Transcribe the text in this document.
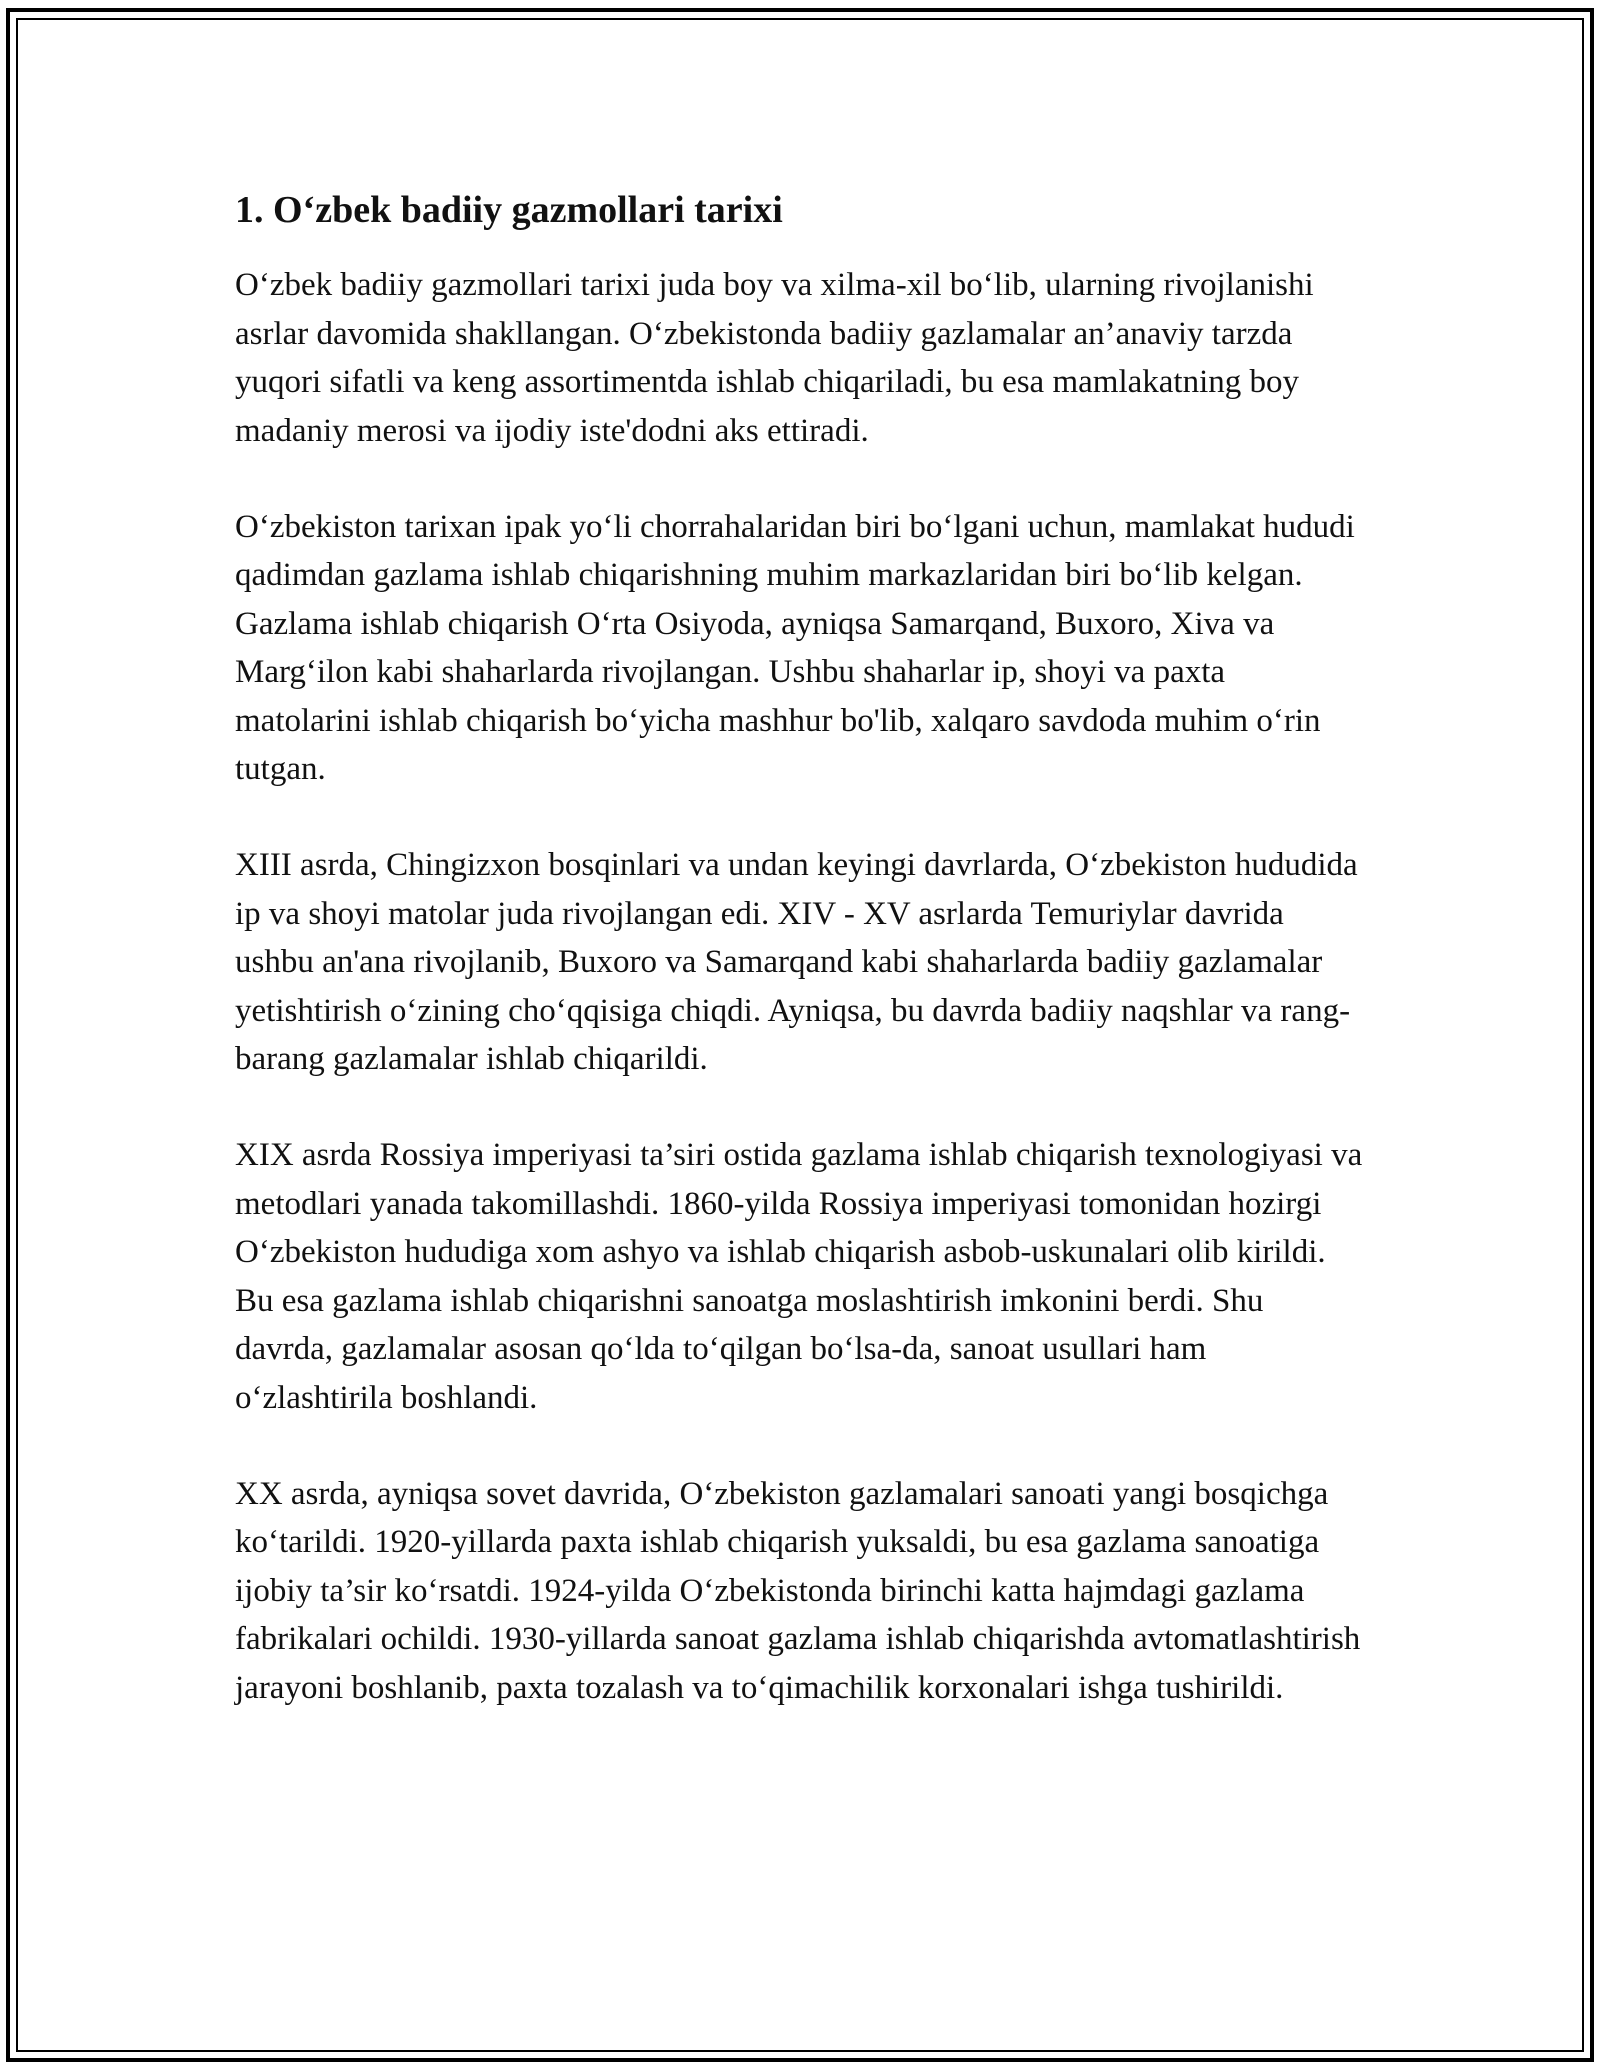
1. O‘zbek badiiy gazmollari tarixi

O‘zbek badiiy gazmollari tarixi juda boy va xilma-xil bo‘lib, ularning rivojlanishi asrlar davomida shakllangan. O‘zbekistonda badiiy gazlamalar an’anaviy tarzda yuqori sifatli va keng assortimentda ishlab chiqariladi, bu esa mamlakatning boy madaniy merosi va ijodiy iste'dodni aks ettiradi.

O‘zbekiston tarixan ipak yo‘li chorrahalaridan biri bo‘lgani uchun, mamlakat hududi qadimdan gazlama ishlab chiqarishning muhim markazlaridan biri bo‘lib kelgan. Gazlama ishlab chiqarish O‘rta Osiyoda, ayniqsa Samarqand, Buxoro, Xiva va Marg‘ilon kabi shaharlarda rivojlangan. Ushbu shaharlar ip, shoyi va paxta matolarini ishlab chiqarish bo‘yicha mashhur bo'lib, xalqaro savdoda muhim o‘rin tutgan.

XIII asrda, Chingizxon bosqinlari va undan keyingi davrlarda, O‘zbekiston hududida ip va shoyi matolar juda rivojlangan edi. XIV - XV asrlarda Temuriylar davrida ushbu an'ana rivojlanib, Buxoro va Samarqand kabi shaharlarda badiiy gazlamalar yetishtirish o‘zining cho‘qqisiga chiqdi. Ayniqsa, bu davrda badiiy naqshlar va rang-barang gazlamalar ishlab chiqarildi.

XIX asrda Rossiya imperiyasi ta’siri ostida gazlama ishlab chiqarish texnologiyasi va metodlari yanada takomillashdi. 1860-yilda Rossiya imperiyasi tomonidan hozirgi O‘zbekiston hududiga xom ashyo va ishlab chiqarish asbob-uskunalari olib kirildi. Bu esa gazlama ishlab chiqarishni sanoatga moslashtirish imkonini berdi. Shu davrda, gazlamalar asosan qo‘lda to‘qilgan bo‘lsa-da, sanoat usullari ham o‘zlashtirila boshlandi.

XX asrda, ayniqsa sovet davrida, O‘zbekiston gazlamalari sanoati yangi bosqichga ko‘tarildi. 1920-yillarda paxta ishlab chiqarish yuksaldi, bu esa gazlama sanoatiga ijobiy ta’sir ko‘rsatdi. 1924-yilda O‘zbekistonda birinchi katta hajmdagi gazlama fabrikalari ochildi. 1930-yillarda sanoat gazlama ishlab chiqarishda avtomatlashtirish jarayoni boshlanib, paxta tozalash va to‘qimachilik korxonalari ishga tushirildi.
